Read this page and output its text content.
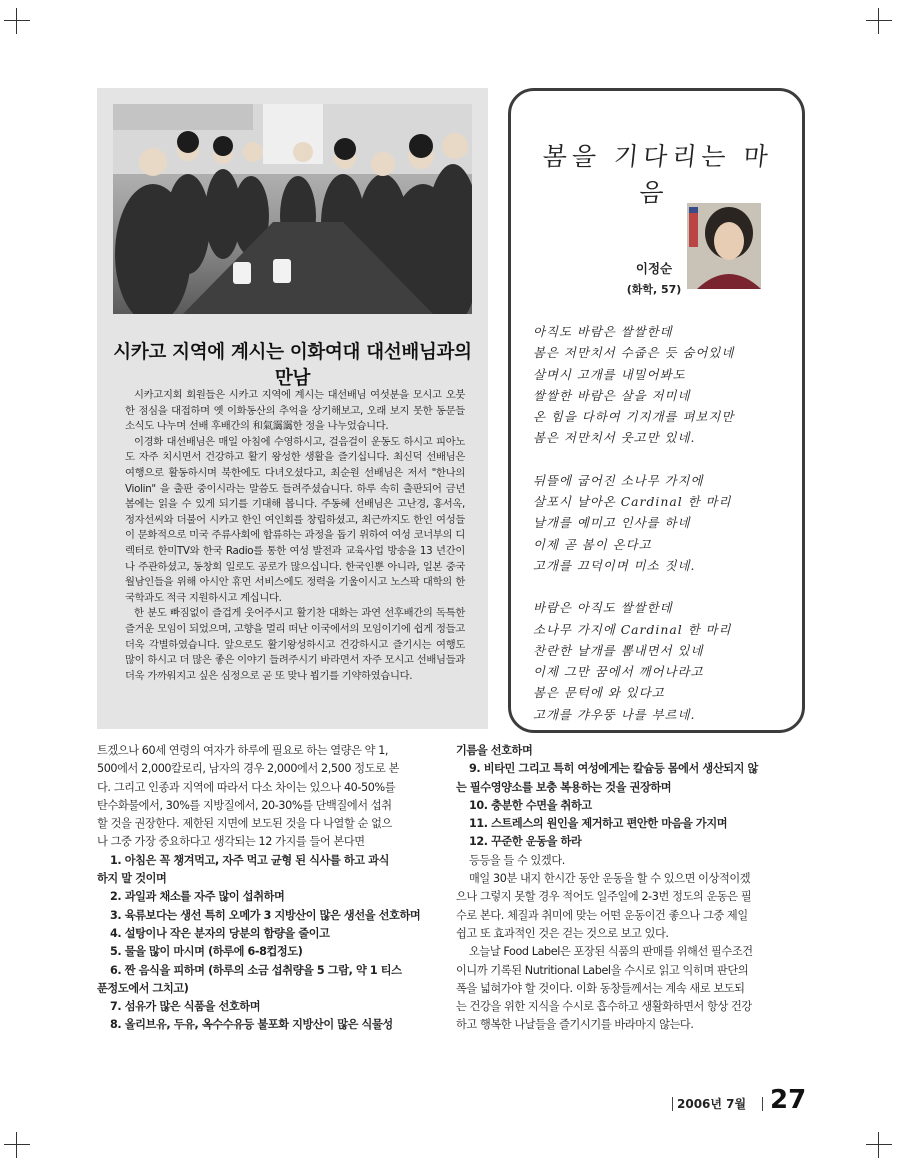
시카고 지역에 계시는 이화여대 대선배님과의 만남

시카고지회 회원들은 시카고 지역에 계시는 대선배님 여섯분을 모시고 오붓한 점심을 대접하며 옛 이화동산의 추억을 상기해보고, 오래 보지 못한 동문들 소식도 나누며 선배 후배간의 和氣靄靄한 정을 나누었습니다.

이경화 대선배님은 매일 아침에 수영하시고, 걸음걸이 운동도 하시고 피아노도 자주 치시면서 건강하고 활기 왕성한 생활을 즐기십니다. 최신덕 선배님은 여행으로 활동하시며 북한에도 다녀오셨다고, 최순원 선배님은 저서 "한나의 Violin" 을 출판 중이시라는 말씀도 들려주셨습니다. 하루 속히 출판되어 금년 봄에는 읽을 수 있게 되기를 기대해 봅니다. 주동혜 선배님은 고난경, 홍서옥, 정자선씨와 더불어 시카고 한인 여인회를 창립하셨고, 최근까지도 한인 여성들이 문화적으로 미국 주류사회에 합류하는 과정을 돕기 위하여 여성 코너부의 디렉터로 한미TV와 한국 Radio를 통한 여성 발전과 교육사업 방송을 13 년간이나 주관하셨고, 동창회 일로도 공로가 많으십니다. 한국인뿐 아니라, 일본 중국 월남인들을 위해 아시안 휴먼 서비스에도 정력을 기울이시고 노스팍 대학의 한국학과도 적극 지원하시고 계십니다.

한 분도 빠짐없이 즐겁게 웃어주시고 활기찬 대화는 과연 선후배간의 독특한 즐거운 모임이 되었으며, 고향을 멀리 떠난 이국에서의 모임이기에 쉽게 정들고 더욱 각별하였습니다. 앞으로도 활기왕성하시고 건강하시고 즐기시는 여행도 많이 하시고 더 많은 좋은 이야기 들려주시기 바라면서 자주 모시고 선배님들과 더욱 가까워지고 싶은 심정으로 곧 또 맞나 뵙기를 기약하였습니다.

봄을 기다리는 마음
이정순
(화학, 57)
아직도 바람은 쌀쌀한데
봄은 저만치서 수줍은 듯 숨어있네
살며시 고개를 내밀어봐도
쌀쌀한 바람은 살을 저미네
온 힘을 다하여 기지개를 펴보지만
봄은 저만치서 웃고만 있네.
뒤뜰에 굽어진 소나무 가지에
살포시 날아온 Cardinal 한 마리
날개를 예미고 인사를 하네
이제 곧 봄이 온다고
고개를 끄덕이며 미소 짓네.
바람은 아직도 쌀쌀한데
소나무 가지에 Cardinal 한 마리
찬란한 날개를 뽐내면서 있네
이제 그만 꿈에서 깨어나라고
봄은 문턱에 와 있다고
고개를 갸우뚱 나를 부르네.
트겠으나 60세 연령의 여자가 하루에 필요로 하는 열량은 약 1,
500에서 2,000칼로리, 남자의 경우 2,000에서 2,500 정도로 본
다. 그리고 인종과 지역에 따라서 다소 차이는 있으나 40-50%를
탄수화물에서, 30%를 지방질에서, 20-30%를 단백질에서 섭취
할 것을 권장한다. 제한된 지면에 보도된 것을 다 나열할 순 없으
나 그중 가장 중요하다고 생각되는 12 가지를 들어 본다면
1. 아침은 꼭 챙겨먹고, 자주 먹고 균형 된 식사를 하고 과식
하지 말 것이며
2. 과일과 채소를 자주 많이 섭취하며
3. 육류보다는 생선 특히 오메가 3 지방산이 많은 생선을 선호하며
4. 설탕이나 작은 분자의 당분의 함량을 줄이고
5. 물을 많이 마시며 (하루에 6-8컵정도)
6. 짠 음식을 피하며 (하루의 소금 섭취량을 5 그람, 약 1 티스
푼정도에서 그치고)
7. 섬유가 많은 식품을 선호하며
8. 올리브유, 두유, 옥수수유등 불포화 지방산이 많은 식물성
기름을 선호하며
9. 비타민 그리고 특히 여성에게는 칼슘등 몸에서 생산되지 않
는 필수영양소를 보충 복용하는 것을 권장하며
10. 충분한 수면을 취하고
11. 스트레스의 원인을 제거하고 편안한 마음을 가지며
12. 꾸준한 운동을 하라
등등을 들 수 있겠다.
매일 30분 내지 한시간 동안 운동을 할 수 있으면 이상적이겠
으나 그렇지 못할 경우 적어도 일주일에 2-3번 정도의 운동은 필
수로 본다. 체질과 취미에 맞는 어떤 운동이건 좋으나 그중 제일
쉽고 또 효과적인 것은 걷는 것으로 보고 있다.
오늘날 Food Label은 포장된 식품의 판매를 위해선 필수조건
이니까 기록된 Nutritional Label을 수시로 읽고 익히며 판단의
폭을 넓혀가야 할 것이다. 이화 동창들께서는 계속 새로 보도되
는 건강을 위한 지식을 수시로 흡수하고 생활화하면서 항상 건강
하고 행복한 나날들을 즐기시기를 바라마지 않는다.
2006년 7월 27
